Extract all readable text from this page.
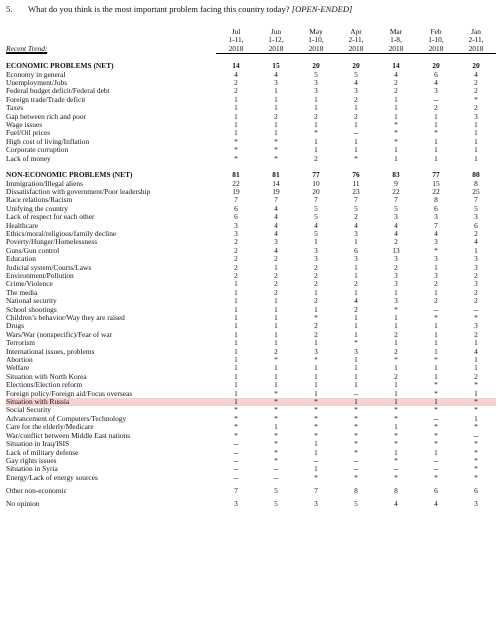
5. What do you think is the most important problem facing this country today? [OPEN-ENDED]
	Jul	Jun	May	Apr	Mar	Feb	Jan
	1-11,	1-12,	1-10,	2-11,	1-8,	1-10,	2-11,
Recent Trend:	2018	2018	2018	2018	2018	2018	2018

ECONOMIC PROBLEMS (NET)	14	15	20	20	14	20	20
Economy in general	4	4	5	5	4	6	4
Unemployment/Jobs	2	3	3	4	2	4	2
Federal budget deficit/Federal debt	2	1	3	3	2	3	2
Foreign trade/Trade deficit	1	1	1	2	1	--	*
Taxes	1	1	1	1	1	2	2
Gap between rich and poor	1	2	2	2	1	1	3
Wage issues	1	1	1	1	*	1	1
Fuel/Oil prices	1	1	*	--	*	*	1
High cost of living/Inflation	*	*	1	1	*	1	1
Corporate corruption	*	*	1	1	1	1	1
Lack of money	*	*	2	*	1	1	1

NON-ECONOMIC PROBLEMS (NET)	81	81	77	76	83	77	80
Immigration/Illegal aliens	22	14	10	11	9	15	8
Dissatisfaction with government/Poor leadership	19	19	20	23	22	22	25
Race relations/Racism	7	7	7	7	7	8	7
Unifying the country	6	4	5	5	5	6	5
Lack of respect for each other	6	4	5	2	3	3	3
Healthcare	3	4	4	4	4	7	6
Ethics/moral/religious/family decline	3	4	5	3	4	4	2
Poverty/Hunger/Homelessness	2	3	1	1	2	3	4
Guns/Gun control	2	4	3	6	13	*	1
Education	2	2	3	3	3	3	3
Judicial system/Courts/Laws	2	1	2	1	2	1	3
Environment/Pollution	2	2	2	1	3	3	2
Crime/Violence	1	2	2	2	3	2	3
The media	1	2	1	1	1	1	2
National security	1	1	2	4	3	2	2
School shootings	1	1	1	2	*	--	--
Children’s behavior/Way they are raised	1	1	*	1	1	*	*
Drugs	1	1	2	1	1	1	3
Wars/War (nonspecific)/Fear of war	1	1	2	1	2	1	2
Terrorism	1	1	1	*	1	1	1
International issues, problems	1	2	3	3	2	1	4
Abortion	1	*	*	1	*	*	1
Welfare	1	1	1	1	1	1	1
Situation with North Korea	1	1	1	1	2	1	2
Elections/Election reform	1	1	1	1	1	*	*
Foreign policy/Foreign aid/Focus overseas	1	*	1	--	1	*	1
Situation with Russia	1	*	*	1	1	1	*
Social Security	*	*	*	*	*	*	*
Advancement of Computers/Technology	*	*	*	*	*	--	1
Care for the elderly/Medicare	*	1	*	*	1	*	*
War/conflict between Middle East nations	*	*	*	*	*	*	--
Situation in Iraq/ISIS	--	*	1	*	*	*	*
Lack of military defense	--	*	1	*	1	1	*
Gay rights issues	--	*	--	--	*	--	*
Situation in Syria	--	--	1	--	--	--	*
Energy/Lack of energy sources	--	--	*	*	*	*	*
Other non-economic	7	5	7	8	8	6	6
No opinion	3	5	3	5	4	4	3
